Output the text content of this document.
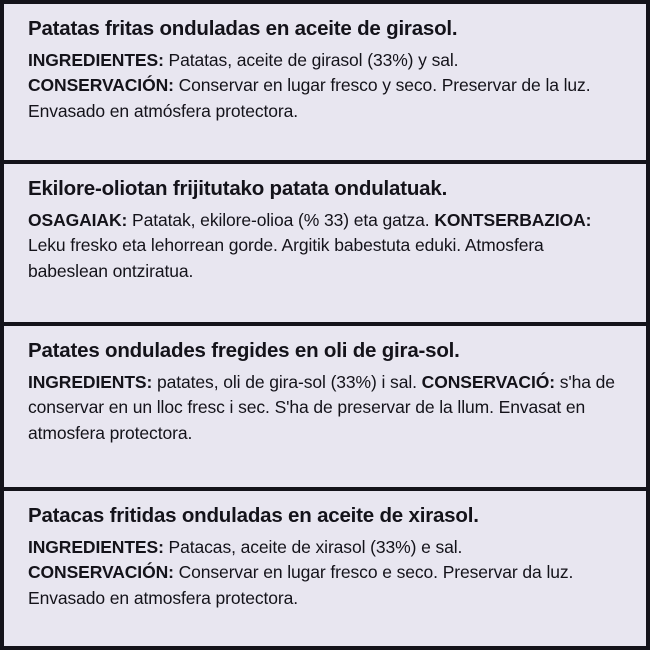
Patatas fritas onduladas en aceite de girasol.

INGREDIENTES: Patatas, aceite de girasol (33%) y sal.
CONSERVACIÓN: Conservar en lugar fresco y seco. Preservar de la luz. Envasado en atmósfera protectora.

Ekilore-oliotan frijitutako patata ondulatuak.

OSAGAIAK: Patatak, ekilore-olioa (% 33) eta gatza. KONTSERBAZIOA: Leku fresko eta lehorrean gorde. Argitik babestuta eduki. Atmosfera babeslean ontziratua.

Patates ondulades fregides en oli de gira-sol.

INGREDIENTS: patates, oli de gira-sol (33%) i sal. CONSERVACIÓ: s'ha de conservar en un lloc fresc i sec. S'ha de preservar de la llum. Envasat en atmosfera protectora.

Patacas fritidas onduladas en aceite de xirasol.

INGREDIENTES: Patacas, aceite de xirasol (33%) e sal.
CONSERVACIÓN: Conservar en lugar fresco e seco. Preservar da luz. Envasado en atmosfera protectora.
